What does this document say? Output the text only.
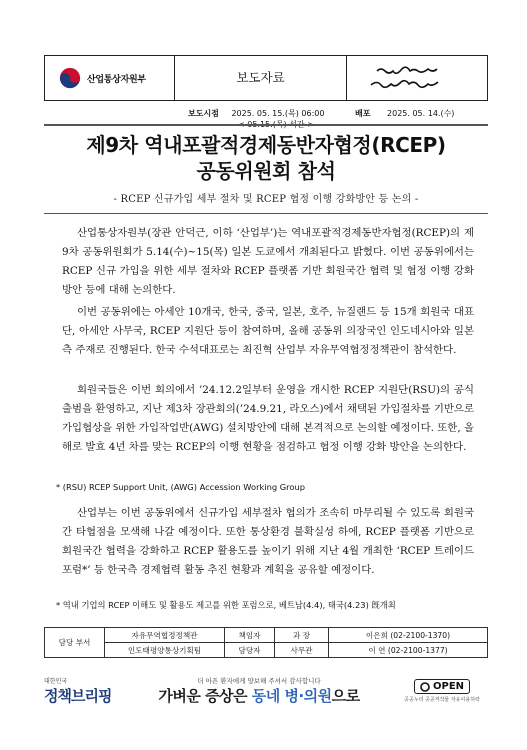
산업통상자원부	보도자료
보도시점 2025. 05. 15.(목) 06:00
< 05.15.(목) 석간 >
배포 2025. 05. 14.(수)
제9차 역내포괄적경제동반자협정(RCEP)
공동위원회 참석
- RCEP 신규가입 세부 절차 및 RCEP 협정 이행 강화방안 등 논의 -

산업통상자원부(장관 안덕근, 이하 ‘산업부’)는 역내포괄적경제동반자협정(RCEP)의 제9차 공동위원회가 5.14(수)~15(목) 일본 도쿄에서 개최된다고 밝혔다. 이번 공동위에서는 RCEP 신규 가입을 위한 세부 절차와 RCEP 플랫폼 기반 회원국간 협력 및 협정 이행 강화 방안 등에 대해 논의한다.

이번 공동위에는 아세안 10개국, 한국, 중국, 일본, 호주, 뉴질랜드 등 15개 회원국 대표단, 아세안 사무국, RCEP 지원단 등이 참여하며, 올해 공동위 의장국인 인도네시아와 일본측 주재로 진행된다. 한국 수석대표로는 최진혁 산업부 자유무역협정정책관이 참석한다.

회원국들은 이번 회의에서 ’24.12.2일부터 운영을 개시한 RCEP 지원단(RSU)의 공식 출범을 환영하고, 지난 제3차 장관회의(’24.9.21, 라오스)에서 채택된 가입절차를 기반으로 가입협상을 위한 가입작업반(AWG) 설치방안에 대해 본격적으로 논의할 예정이다. 또한, 올해로 발효 4년 차를 맞는 RCEP의 이행 현황을 점검하고 협정 이행 강화 방안을 논의한다.

* (RSU) RCEP Support Unit, (AWG) Accession Working Group

산업부는 이번 공동위에서 신규가입 세부절차 협의가 조속히 마무리될 수 있도록 회원국간 타협점을 모색해 나갈 예정이다. 또한 통상환경 불확실성 하에, RCEP 플랫폼 기반으로 회원국간 협력을 강화하고 RCEP 활용도를 높이기 위해 지난 4월 개최한 ‘RCEP 트레이드 포럼*’ 등 한국측 경제협력 활동 추진 현황과 계획을 공유할 예정이다.

* 역내 기업의 RCEP 이해도 및 활용도 제고를 위한 포럼으로, 베트남(4.4), 태국(4.23) 旣개최
담당 부서	자유무역협정정책관	책임자	과 장	이은희 (02-2100-1370)
	인도태평양통상기획팀	담당자	사무관	이 연 (02-2100-1377)
대한민국
정책브리핑
더 아픈 환자에게 양보해 주셔서 감사합니다
가벼운 증상은 동네 병·의원으로
OPEN
공공누리 공공저작물 자유이용허락
